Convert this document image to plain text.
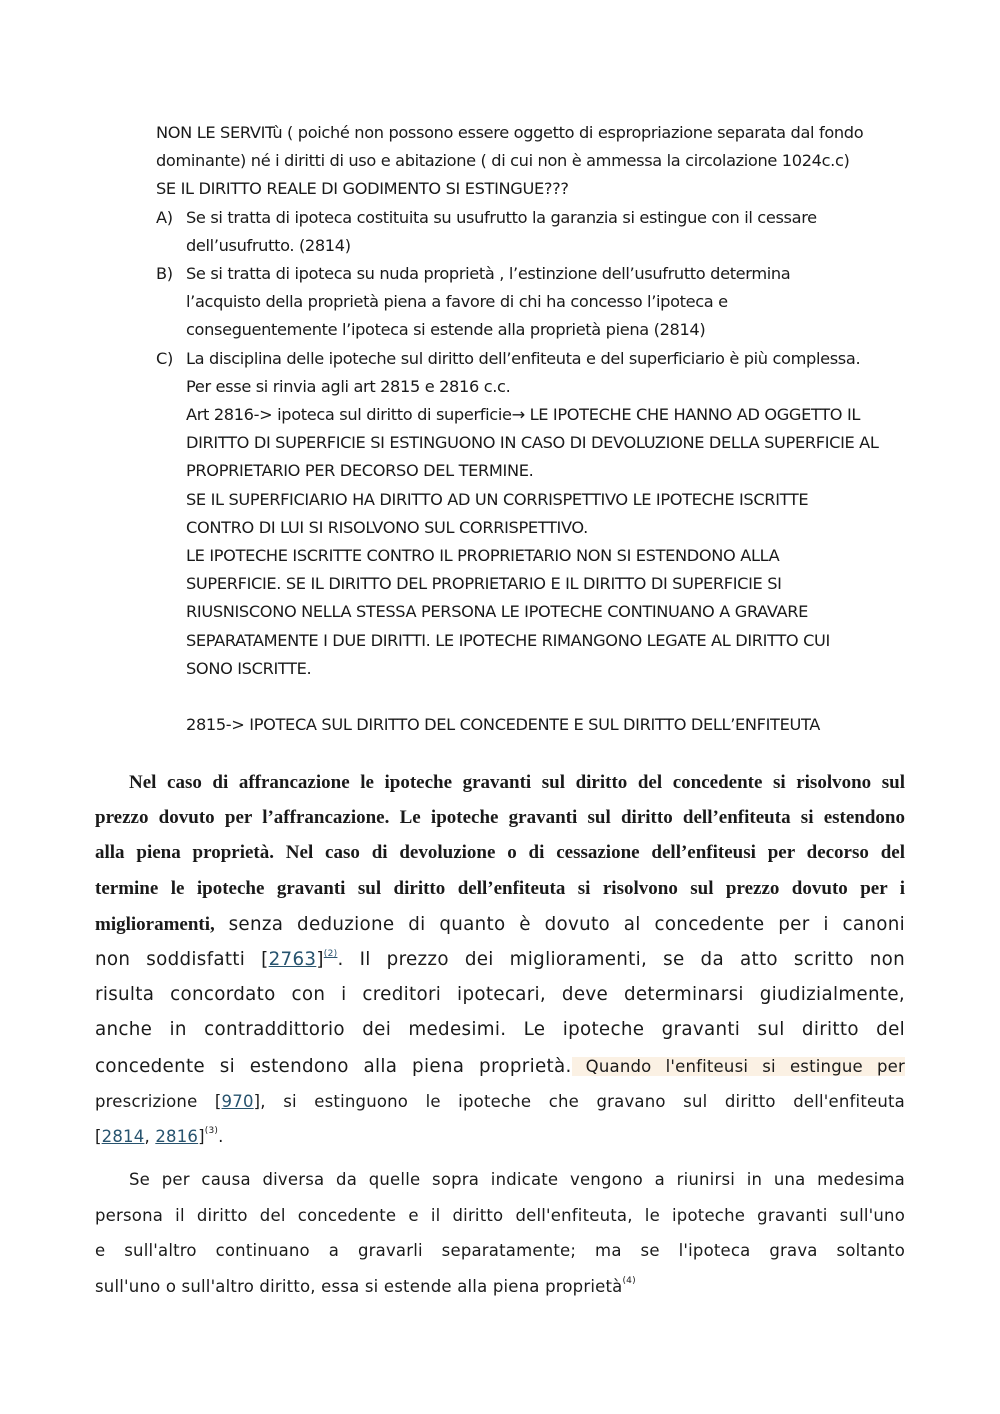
NON LE SERVITù ( poiché non possono essere oggetto di espropriazione separata dal fondo
dominante) né i diritti di uso e abitazione ( di cui non è ammessa la circolazione 1024c.c)
SE IL DIRITTO REALE DI GODIMENTO SI ESTINGUE???
A) Se si tratta di ipoteca costituita su usufrutto la garanzia si estingue con il cessare
dell’usufrutto. (2814)
B) Se si tratta di ipoteca su nuda proprietà , l’estinzione dell’usufrutto determina
l’acquisto della proprietà piena a favore di chi ha concesso l’ipoteca e
conseguentemente l’ipoteca si estende alla proprietà piena (2814)
C) La disciplina delle ipoteche sul diritto dell’enfiteuta e del superficiario è più complessa.
Per esse si rinvia agli art 2815 e 2816 c.c.
Art 2816-> ipoteca sul diritto di superficie→ LE IPOTECHE CHE HANNO AD OGGETTO IL
DIRITTO DI SUPERFICIE SI ESTINGUONO IN CASO DI DEVOLUZIONE DELLA SUPERFICIE AL
PROPRIETARIO PER DECORSO DEL TERMINE.
SE IL SUPERFICIARIO HA DIRITTO AD UN CORRISPETTIVO LE IPOTECHE ISCRITTE
CONTRO DI LUI SI RISOLVONO SUL CORRISPETTIVO.
LE IPOTECHE ISCRITTE CONTRO IL PROPRIETARIO NON SI ESTENDONO ALLA
SUPERFICIE. SE IL DIRITTO DEL PROPRIETARIO E IL DIRITTO DI SUPERFICIE SI
RIUSNISCONO NELLA STESSA PERSONA LE IPOTECHE CONTINUANO A GRAVARE
SEPARATAMENTE I DUE DIRITTI. LE IPOTECHE RIMANGONO LEGATE AL DIRITTO CUI
SONO ISCRITTE.
2815-> IPOTECA SUL DIRITTO DEL CONCEDENTE E SUL DIRITTO DELL’ENFITEUTA
Nel caso di affrancazione le ipoteche gravanti sul diritto del concedente si risolvono sul
prezzo dovuto per l’affrancazione. Le ipoteche gravanti sul diritto dell’enfiteuta si estendono
alla piena proprietà. Nel caso di devoluzione o di cessazione dell’enfiteusi per decorso del
termine le ipoteche gravanti sul diritto dell’enfiteuta si risolvono sul prezzo dovuto per i
miglioramenti, senza deduzione di quanto è dovuto al concedente per i canoni
non soddisfatti [2763]$^{(2)}$. Il prezzo dei miglioramenti, se da atto scritto non
risulta concordato con i creditori ipotecari, deve determinarsi giudizialmente,
anche in contraddittorio dei medesimi. Le ipoteche gravanti sul diritto del
concedente si estendono alla piena proprietà. Quando l'enfiteusi si estingue per
prescrizione [970], si estinguono le ipoteche che gravano sul diritto dell'enfiteuta
[2814, 2816]$^{(3)}$.
Se per causa diversa da quelle sopra indicate vengono a riunirsi in una medesima
persona il diritto del concedente e il diritto dell'enfiteuta, le ipoteche gravanti sull'uno
e sull'altro continuano a gravarli separatamente; ma se l'ipoteca grava soltanto
sull'uno o sull'altro diritto, essa si estende alla piena proprietà$^{(4)}$
